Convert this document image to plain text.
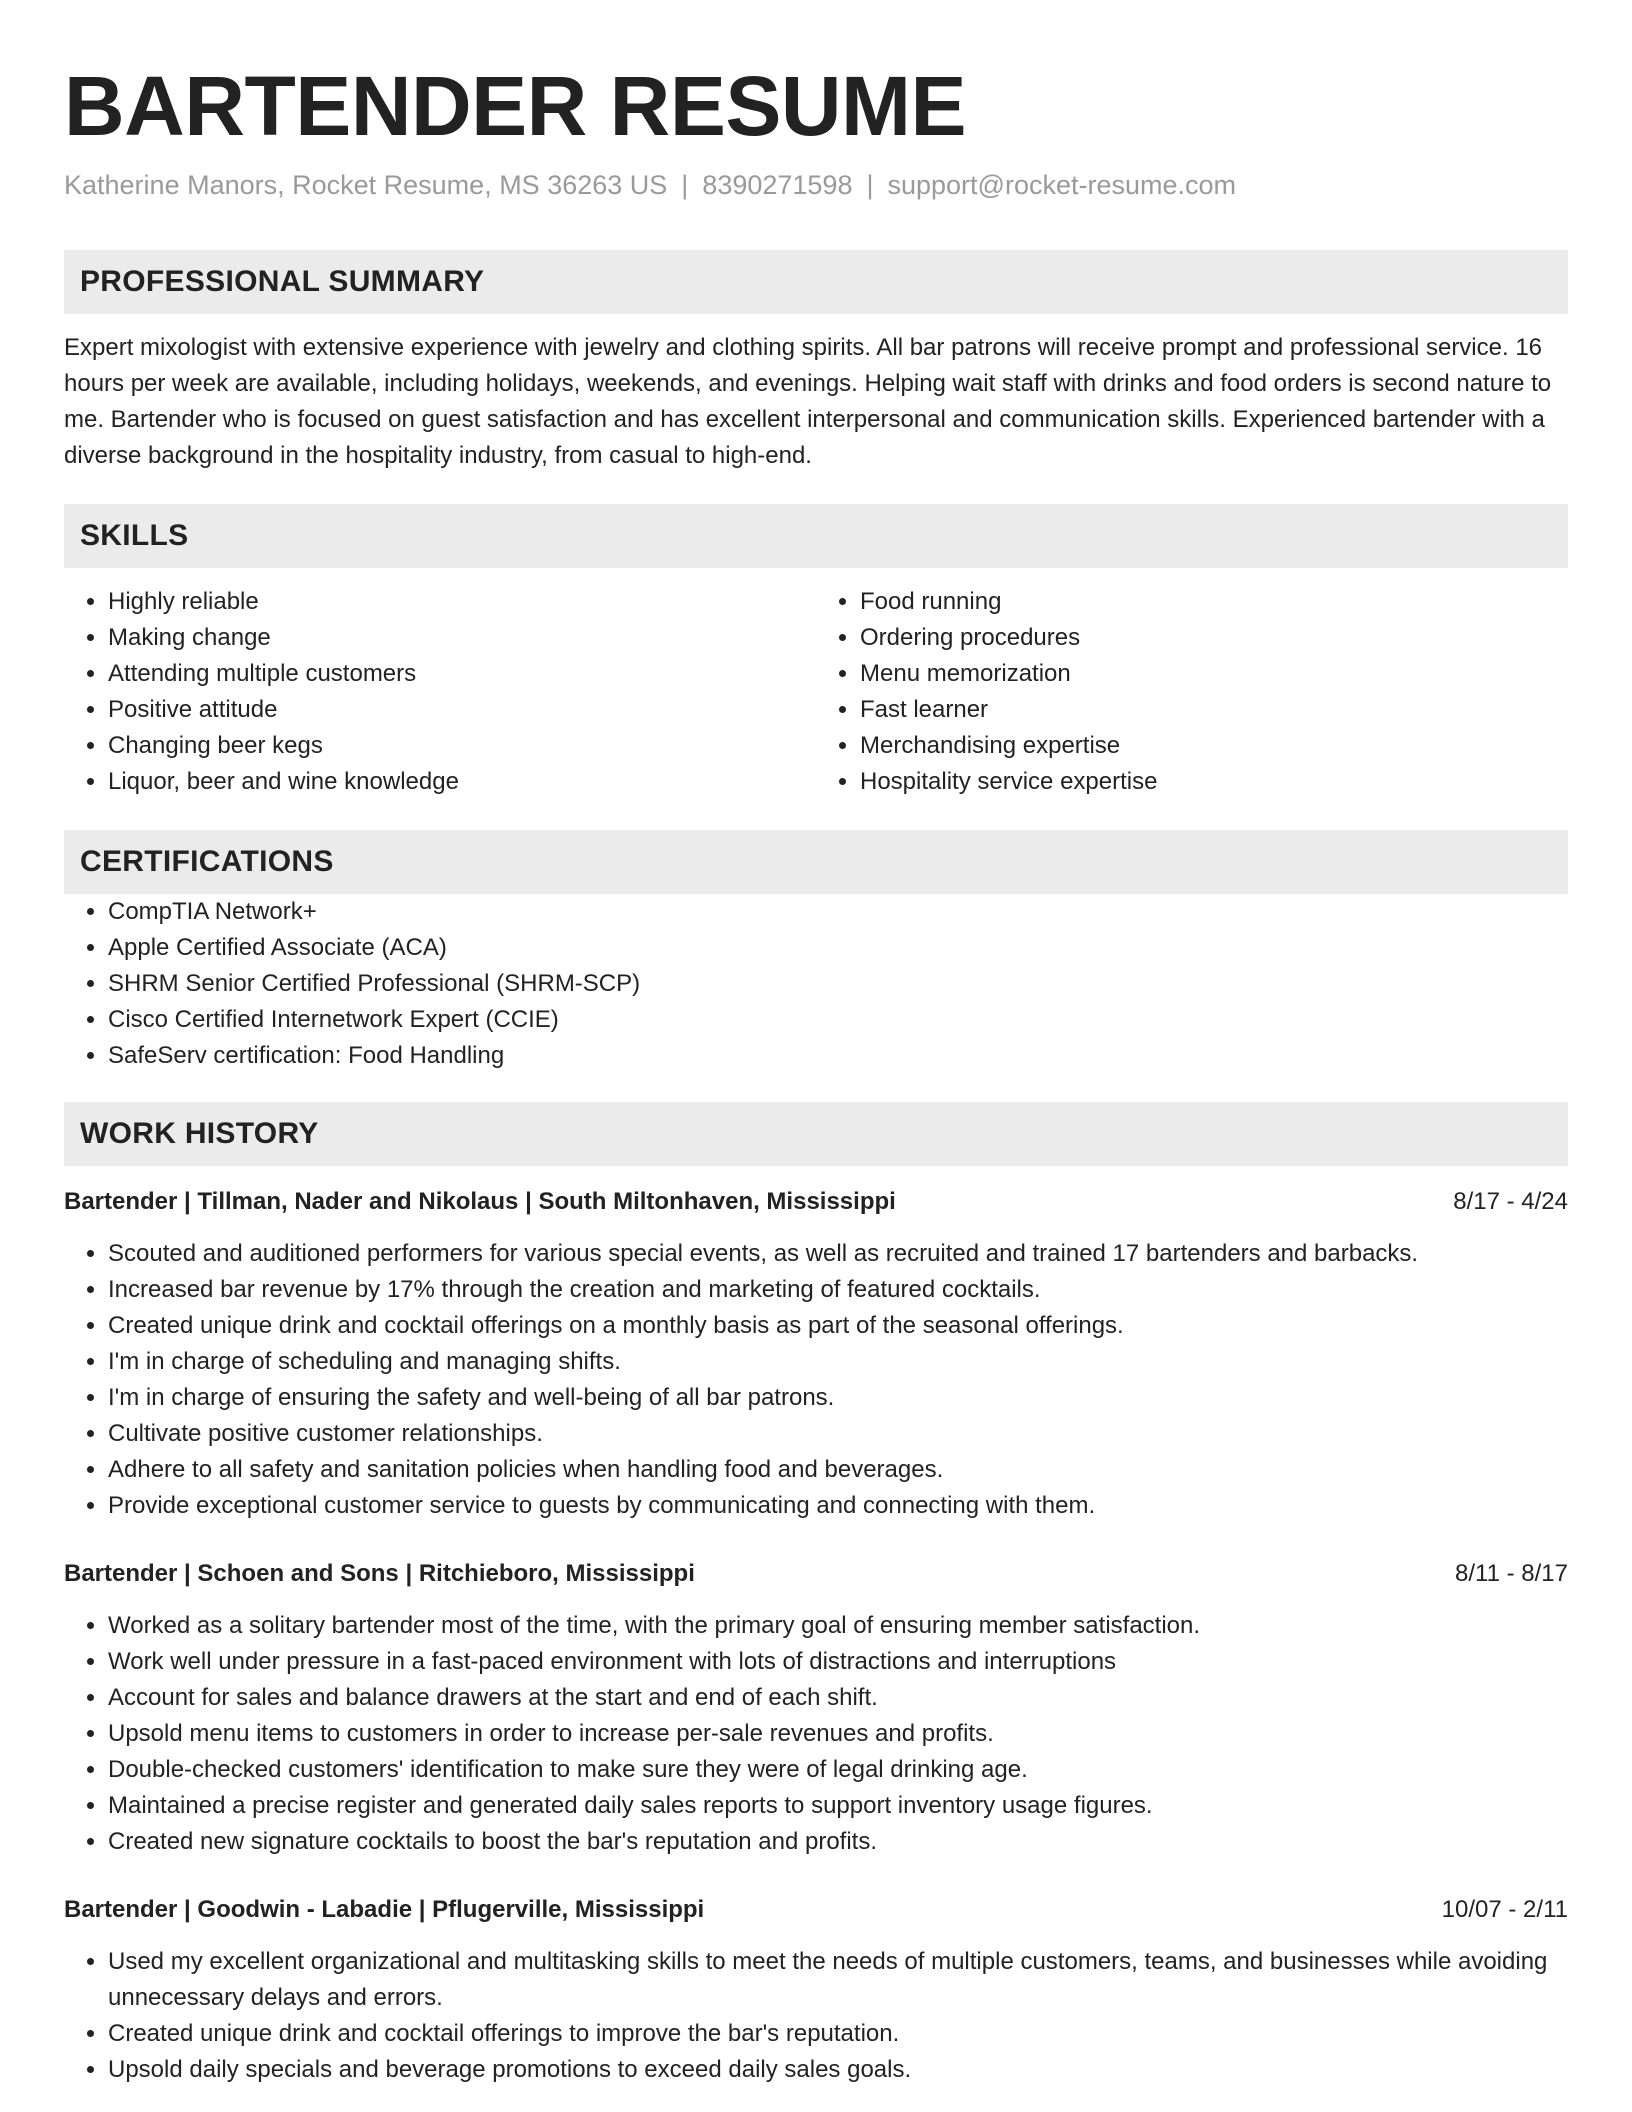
BARTENDER RESUME
Katherine Manors, Rocket Resume, MS 36263 US | 8390271598 | support@rocket-resume.com
PROFESSIONAL SUMMARY

Expert mixologist with extensive experience with jewelry and clothing spirits. All bar patrons will receive prompt and professional service. 16 hours per week are available, including holidays, weekends, and evenings. Helping wait staff with drinks and food orders is second nature to me. Bartender who is focused on guest satisfaction and has excellent interpersonal and communication skills. Experienced bartender with a diverse background in the hospitality industry, from casual to high-end.

SKILLS
• Highly reliable
• Making change
• Attending multiple customers
• Positive attitude
• Changing beer kegs
• Liquor, beer and wine knowledge
• Food running
• Ordering procedures
• Menu memorization
• Fast learner
• Merchandising expertise
• Hospitality service expertise
CERTIFICATIONS
• CompTIA Network+
• Apple Certified Associate (ACA)
• SHRM Senior Certified Professional (SHRM-SCP)
• Cisco Certified Internetwork Expert (CCIE)
• SafeServ certification: Food Handling
WORK HISTORY
Bartender | Tillman, Nader and Nikolaus | South Miltonhaven, Mississippi	8/17 - 4/24
• Scouted and auditioned performers for various special events, as well as recruited and trained 17 bartenders and barbacks.
• Increased bar revenue by 17% through the creation and marketing of featured cocktails.
• Created unique drink and cocktail offerings on a monthly basis as part of the seasonal offerings.
• I'm in charge of scheduling and managing shifts.
• I'm in charge of ensuring the safety and well-being of all bar patrons.
• Cultivate positive customer relationships.
• Adhere to all safety and sanitation policies when handling food and beverages.
• Provide exceptional customer service to guests by communicating and connecting with them.
Bartender | Schoen and Sons | Ritchieboro, Mississippi	8/11 - 8/17
• Worked as a solitary bartender most of the time, with the primary goal of ensuring member satisfaction.
• Work well under pressure in a fast-paced environment with lots of distractions and interruptions
• Account for sales and balance drawers at the start and end of each shift.
• Upsold menu items to customers in order to increase per-sale revenues and profits.
• Double-checked customers' identification to make sure they were of legal drinking age.
• Maintained a precise register and generated daily sales reports to support inventory usage figures.
• Created new signature cocktails to boost the bar's reputation and profits.
Bartender | Goodwin - Labadie | Pflugerville, Mississippi	10/07 - 2/11
• Used my excellent organizational and multitasking skills to meet the needs of multiple customers, teams, and businesses while avoiding unnecessary delays and errors.
• Created unique drink and cocktail offerings to improve the bar's reputation.
• Upsold daily specials and beverage promotions to exceed daily sales goals.
